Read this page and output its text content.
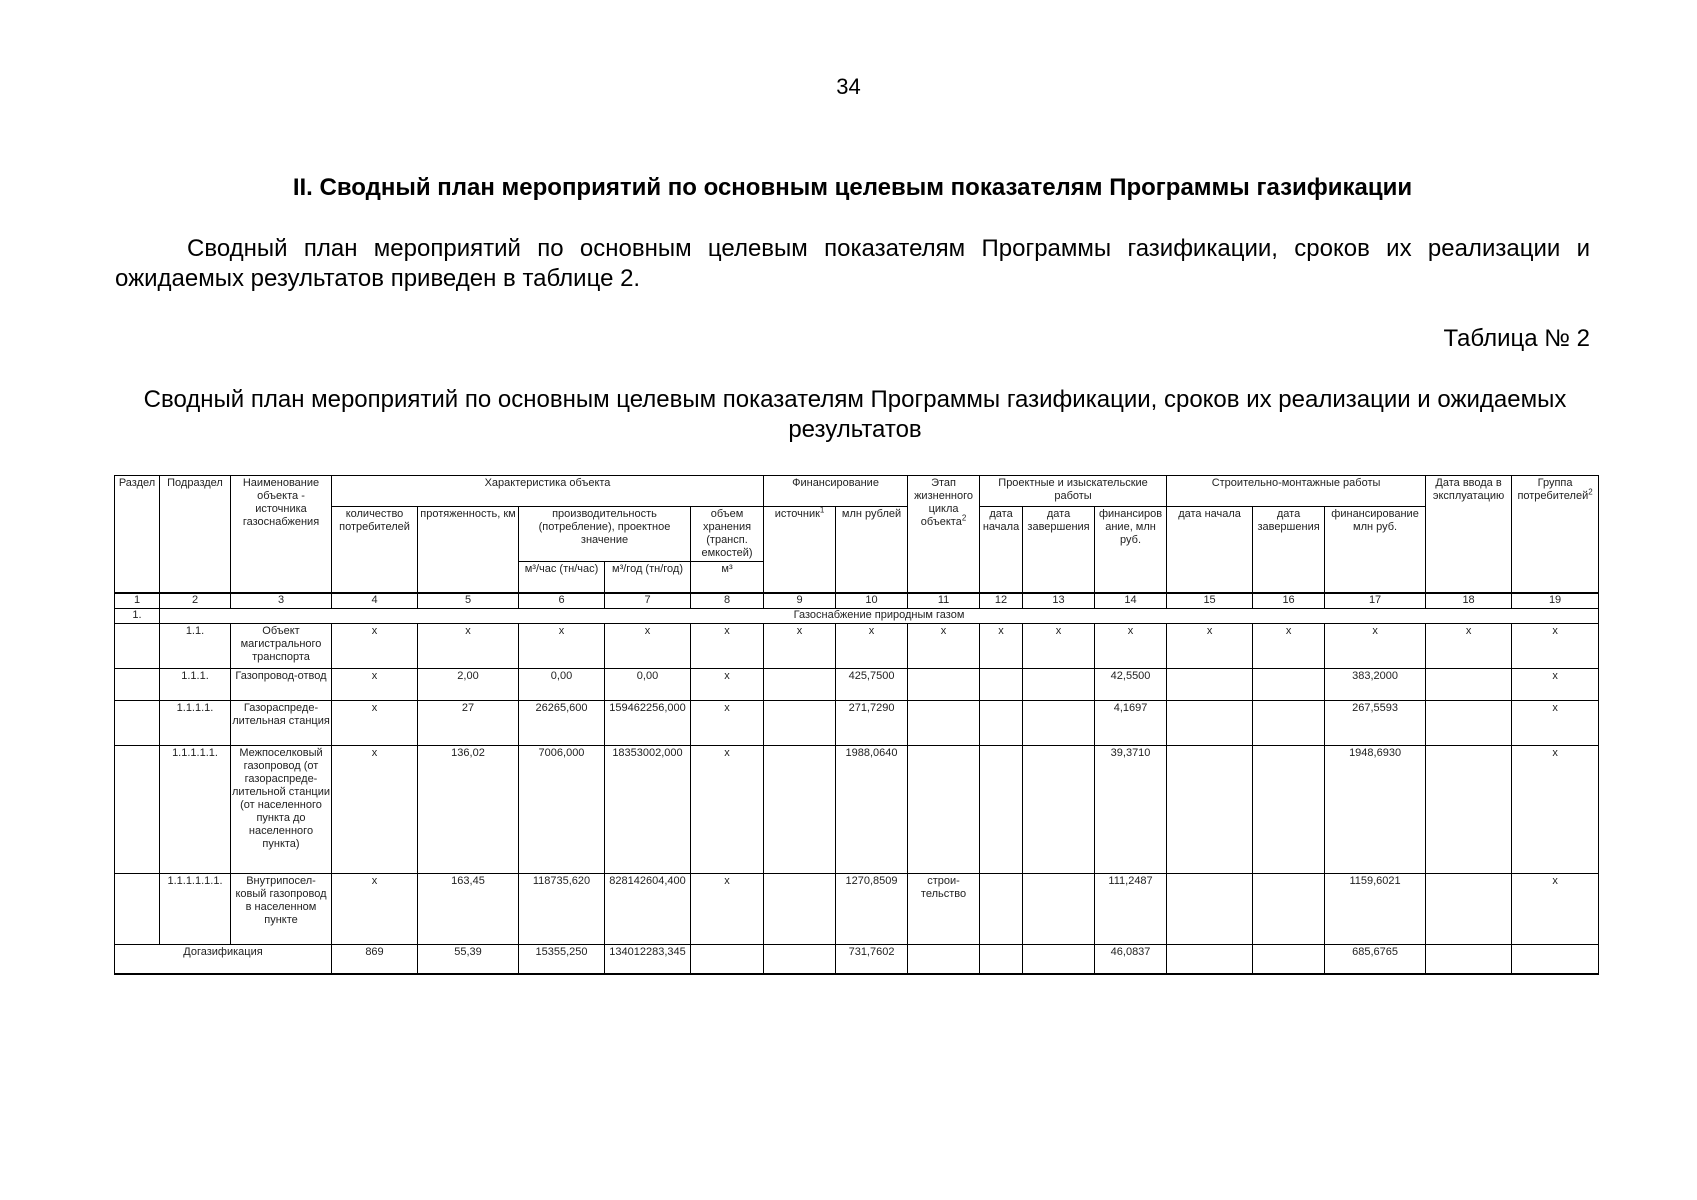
34
II. Сводный план мероприятий по основным целевым показателям Программы газификации
Сводный план мероприятий по основным целевым показателям Программы газификации, сроков их реализации и ожидаемых результатов приведен в таблице 2.
Таблица № 2
Сводный план мероприятий по основным целевым показателям Программы газификации, сроков их реализации и ожидаемых результатов
Раздел	Подраздел	Наименование объекта - источника газоснабжения	Характеристика объекта					Финансирование		Этап жизненного цикла объекта$^2$	Проектные и изыскательские работы			Строительно-монтажные работы			Дата ввода в эксплуатацию	Группа потребителей$^2$
			количество потребителей	протяженность, км	производительность (потребление), проектное значение		объем хранения (трансп. емкостей)	источник$^1$	млн рублей		дата начала	дата завершения	финансирование, млн руб.	дата начала	дата завершения	финансирование млн руб.		
					м³/час (тн/час)	м³/год (тн/год)	м³											
1	2	3	4	5	6	7	8	9	10	11	12	13	14	15	16	17	18	19
1.	Газоснабжение природным газом																	
	1.1.	Объект магистрального транспорта	х	х	х	х	х	х	х	х	х	х	х	х	х	х	х	х
	1.1.1.	Газопровод-отвод	х	2,00	0,00	0,00	х		425,7500				42,5500			383,2000		х
	1.1.1.1.	Газораспреде-лительная станция	х	27	26265,600	159462256,000	х		271,7290				4,1697			267,5593		х
	1.1.1.1.1.	Межпоселковый газопровод (от газораспреде-лительной станции (от населенного пункта до населенного пункта)	х	136,02	7006,000	18353002,000	х		1988,0640				39,3710			1948,6930		х
	1.1.1.1.1.1.	Внутрипосел-ковый газопровод в населенном пункте	х	163,45	118735,620	828142604,400	х		1270,8509	строи-тельство			111,2487			1159,6021		х
Догазификация			869	55,39	15355,250	134012283,345			731,7602				46,0837			685,6765		
